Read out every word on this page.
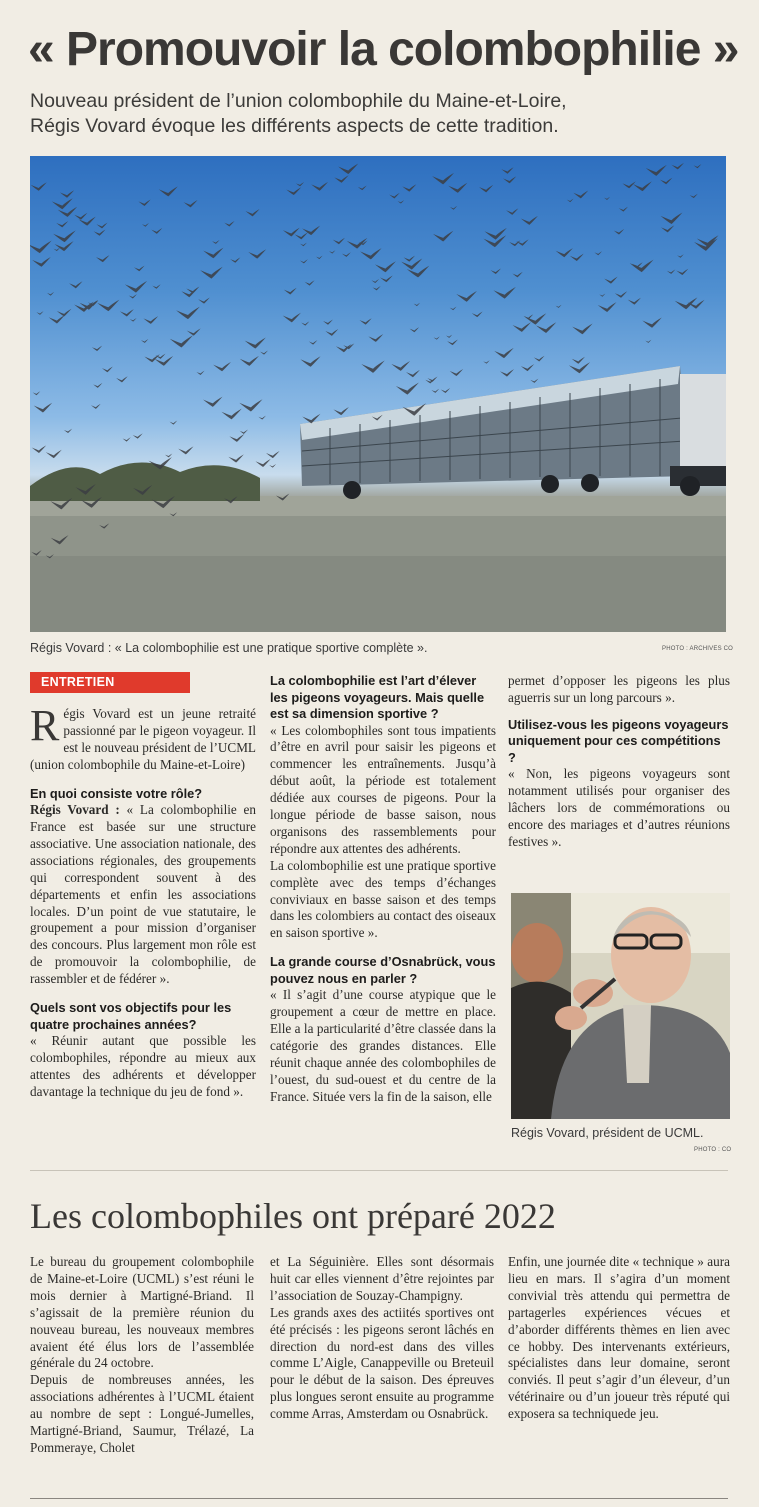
« Promouvoir la colombophilie »
Nouveau président de l’union colombophile du Maine-et-Loire,
Régis Vovard évoque les différents aspects de cette tradition.
Régis Vovard : « La colombophilie est une pratique sportive complète ».	PHOTO : ARCHIVES CO
ENTRETIEN

Régis Vovard est un jeune retraité passionné par le pigeon voyageur. Il est le nouveau président de l’UCML (union colombophile du Maine-et-Loire)

En quoi consiste votre rôle?

Régis Vovard : « La colombophilie en France est basée sur une structure associative. Une association nationale, des associations régionales, des groupements qui correspondent souvent à des départements et enfin les associations locales. D’un point de vue statutaire, le groupement a pour mission d’organiser des concours. Plus largement mon rôle est de promouvoir la colombophilie, de rassembler et de fédérer ».

Quels sont vos objectifs pour les quatre prochaines années?

« Réunir autant que possible les colombophiles, répondre au mieux aux attentes des adhérents et développer davantage la technique du jeu de fond ».

La colombophilie est l’art d’élever les pigeons voyageurs. Mais quelle est sa dimension sportive ?

« Les colombophiles sont tous impatients d’être en avril pour saisir les pigeons et commencer les entraînements. Jusqu’à début août, la période est totalement dédiée aux courses de pigeons. Pour la longue période de basse saison, nous organisons des rassemblements pour répondre aux attentes des adhérents.

La colombophilie est une pratique sportive complète avec des temps d’échanges conviviaux en basse saison et des temps dans les colombiers au contact des oiseaux en saison sportive ».

La grande course d’Osnabrück, vous pouvez nous en parler ?

« Il s’agit d’une course atypique que le groupement a cœur de mettre en place. Elle a la particularité d’être classée dans la catégorie des grandes distances. Elle réunit chaque année des colombophiles de l’ouest, du sud-ouest et du centre de la France. Située vers la fin de la saison, elle

permet d’opposer les pigeons les plus aguerris sur un long parcours ».

Utilisez-vous les pigeons voyageurs uniquement pour ces compétitions ?

« Non, les pigeons voyageurs sont notamment utilisés pour organiser des lâchers lors de commémorations ou encore des mariages et d’autres réunions festives ».

Régis Vovard, président de UCML.
PHOTO : CO
Les colombophiles ont préparé 2022

Le bureau du groupement colombophile de Maine-et-Loire (UCML) s’est réuni le mois dernier à Martigné-Briand. Il s’agissait de la première réunion du nouveau bureau, les nouveaux membres avaient été élus lors de l’assemblée générale du 24 octobre.

Depuis de nombreuses années, les associations adhérentes à l’UCML étaient au nombre de sept : Longué-Jumelles, Martigné-Briand, Saumur, Trélazé, La Pommeraye, Cholet

et La Séguinière. Elles sont désormais huit car elles viennent d’être rejointes par l’association de Souzay-Champigny.

Les grands axes des actiités sportives ont été précisés : les pigeons seront lâchés en direction du nord-est dans des villes comme L’Aigle, Canappeville ou Breteuil pour le début de la saison. Des épreuves plus longues seront ensuite au programme comme Arras, Amsterdam ou Osnabrück.

Enfin, une journée dite « technique » aura lieu en mars. Il s’agira d’un moment convivial très attendu qui permettra de partagerles expériences vécues et d’aborder différents thèmes en lien avec ce hobby. Des intervenants extérieurs, spécialistes dans leur domaine, seront conviés. Il peut s’agir d’un éleveur, d’un vétérinaire ou d’un joueur très réputé qui exposera sa techniquede jeu.
